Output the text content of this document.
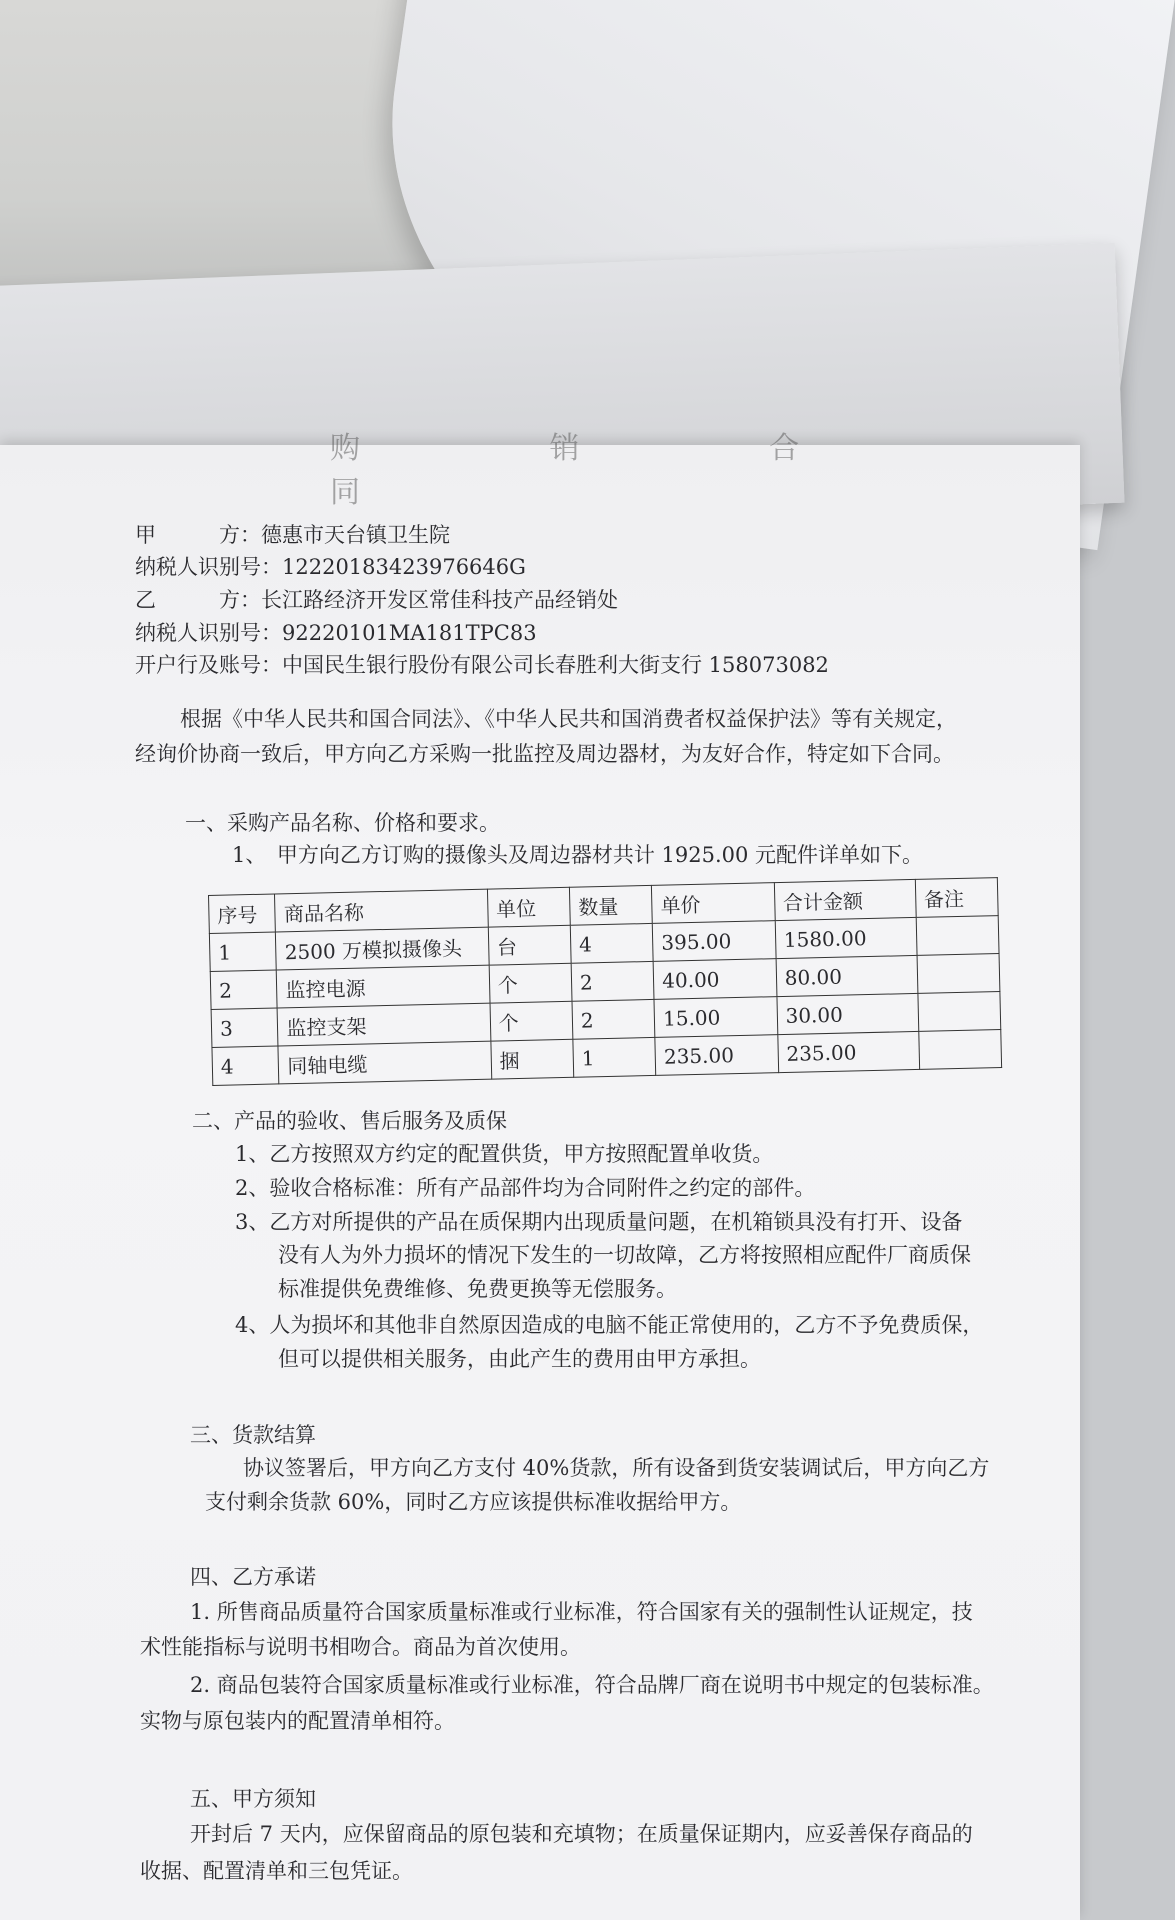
购 销 合 同
甲　　　方：德惠市天台镇卫生院
纳税人识别号：12220183423976646G
乙　　　方：长江路经济开发区常佳科技产品经销处
纳税人识别号：92220101MA181TPC83
开户行及账号：中国民生银行股份有限公司长春胜利大街支行 158073082
根据《中华人民共和国合同法》、《中华人民共和国消费者权益保护法》等有关规定，
经询价协商一致后，甲方向乙方采购一批监控及周边器材，为友好合作，特定如下合同。
一、采购产品名称、价格和要求。
1、　甲方向乙方订购的摄像头及周边器材共计 1925.00 元配件详单如下。
序号	商品名称	单位	数量	单价	合计金额	备注
1	2500 万模拟摄像头	台	4	395.00	1580.00	
2	监控电源	个	2	40.00	80.00	
3	监控支架	个	2	15.00	30.00	
4	同轴电缆	捆	1	235.00	235.00	
二、产品的验收、售后服务及质保
1、乙方按照双方约定的配置供货，甲方按照配置单收货。
2、验收合格标准：所有产品部件均为合同附件之约定的部件。
3、乙方对所提供的产品在质保期内出现质量问题，在机箱锁具没有打开、设备
没有人为外力损坏的情况下发生的一切故障，乙方将按照相应配件厂商质保
标准提供免费维修、免费更换等无偿服务。
4、人为损坏和其他非自然原因造成的电脑不能正常使用的，乙方不予免费质保，
但可以提供相关服务，由此产生的费用由甲方承担。
三、货款结算
协议签署后，甲方向乙方支付 40%货款，所有设备到货安装调试后，甲方向乙方
支付剩余货款 60%，同时乙方应该提供标准收据给甲方。
四、乙方承诺
1. 所售商品质量符合国家质量标准或行业标准，符合国家有关的强制性认证规定，技
术性能指标与说明书相吻合。商品为首次使用。
2. 商品包装符合国家质量标准或行业标准，符合品牌厂商在说明书中规定的包装标准。
实物与原包装内的配置清单相符。
五、甲方须知
开封后 7 天内，应保留商品的原包装和充填物；在质量保证期内，应妥善保存商品的
收据、配置清单和三包凭证。
